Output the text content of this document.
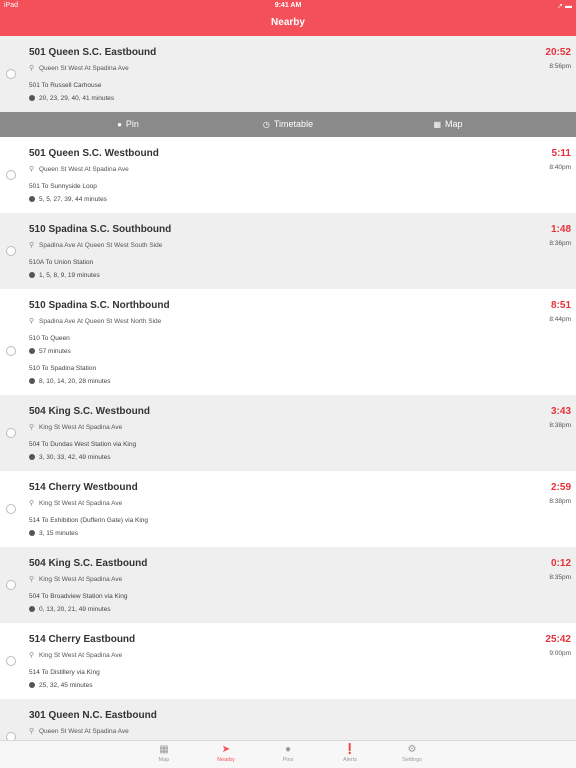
iPad	9:41 AM	➚ ▬
Nearby
501 Queen S.C. Eastbound
⚲ Queen St West At Spadina Ave
501 To Russell Carhouse
20, 23, 29, 40, 41 minutes
20:52
8:56pm
● Pin	◷ Timetable	▦ Map
501 Queen S.C. Westbound
⚲ Queen St West At Spadina Ave
501 To Sunnyside Loop
5, 5, 27, 39, 44 minutes
5:11
8:40pm
510 Spadina S.C. Southbound
⚲ Spadina Ave At Queen St West South Side
510A To Union Station
1, 5, 8, 9, 19 minutes
1:48
8:36pm
510 Spadina S.C. Northbound
⚲ Spadina Ave At Queen St West North Side
510 To Queen
57 minutes
510 To Spadina Station
8, 10, 14, 20, 28 minutes
8:51
8:44pm
504 King S.C. Westbound
⚲ King St West At Spadina Ave
504 To Dundas West Station via King
3, 30, 33, 42, 49 minutes
3:43
8:38pm
514 Cherry Westbound
⚲ King St West At Spadina Ave
514 To Exhibition (Dufferin Gate) via King
3, 15 minutes
2:59
8:38pm
504 King S.C. Eastbound
⚲ King St West At Spadina Ave
504 To Broadview Station via King
0, 13, 20, 21, 49 minutes
0:12
8:35pm
514 Cherry Eastbound
⚲ King St West At Spadina Ave
514 To Distillery via King
25, 32, 45 minutes
25:42
9:00pm
301 Queen N.C. Eastbound
⚲ Queen St West At Spadina Ave
▦
Map
➤
Nearby
●
Pins
❗
Alerts
⚙
Settings
